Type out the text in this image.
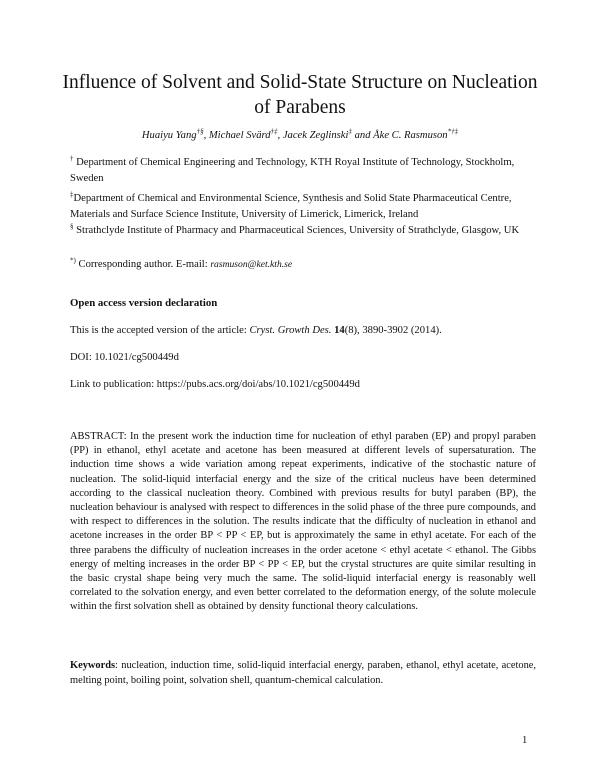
Influence of Solvent and Solid-State Structure on Nucleation of Parabens
Huaiyu Yang†§, Michael Svärd†‡, Jacek Zeglinski‡ and Åke C. Rasmuson*†‡
† Department of Chemical Engineering and Technology, KTH Royal Institute of Technology, Stockholm, Sweden
‡Department of Chemical and Environmental Science, Synthesis and Solid State Pharmaceutical Centre, Materials and Surface Science Institute, University of Limerick, Limerick, Ireland
§ Strathclyde Institute of Pharmacy and Pharmaceutical Sciences, University of Strathclyde, Glasgow, UK
*) Corresponding author. E-mail: rasmuson@ket.kth.se
Open access version declaration
This is the accepted version of the article: Cryst. Growth Des. 14(8), 3890-3902 (2014).
DOI: 10.1021/cg500449d
Link to publication: https://pubs.acs.org/doi/abs/10.1021/cg500449d
ABSTRACT: In the present work the induction time for nucleation of ethyl paraben (EP) and propyl paraben (PP) in ethanol, ethyl acetate and acetone has been measured at different levels of supersaturation. The induction time shows a wide variation among repeat experiments, indicative of the stochastic nature of nucleation. The solid-liquid interfacial energy and the size of the critical nucleus have been determined according to the classical nucleation theory. Combined with previous results for butyl paraben (BP), the nucleation behaviour is analysed with respect to differences in the solid phase of the three pure compounds, and with respect to differences in the solution. The results indicate that the difficulty of nucleation in ethanol and acetone increases in the order BP < PP < EP, but is approximately the same in ethyl acetate. For each of the three parabens the difficulty of nucleation increases in the order acetone < ethyl acetate < ethanol. The Gibbs energy of melting increases in the order BP < PP < EP, but the crystal structures are quite similar resulting in the basic crystal shape being very much the same. The solid-liquid interfacial energy is reasonably well correlated to the solvation energy, and even better correlated to the deformation energy, of the solute molecule within the first solvation shell as obtained by density functional theory calculations.
Keywords: nucleation, induction time, solid-liquid interfacial energy, paraben, ethanol, ethyl acetate, acetone, melting point, boiling point, solvation shell, quantum-chemical calculation.
1
